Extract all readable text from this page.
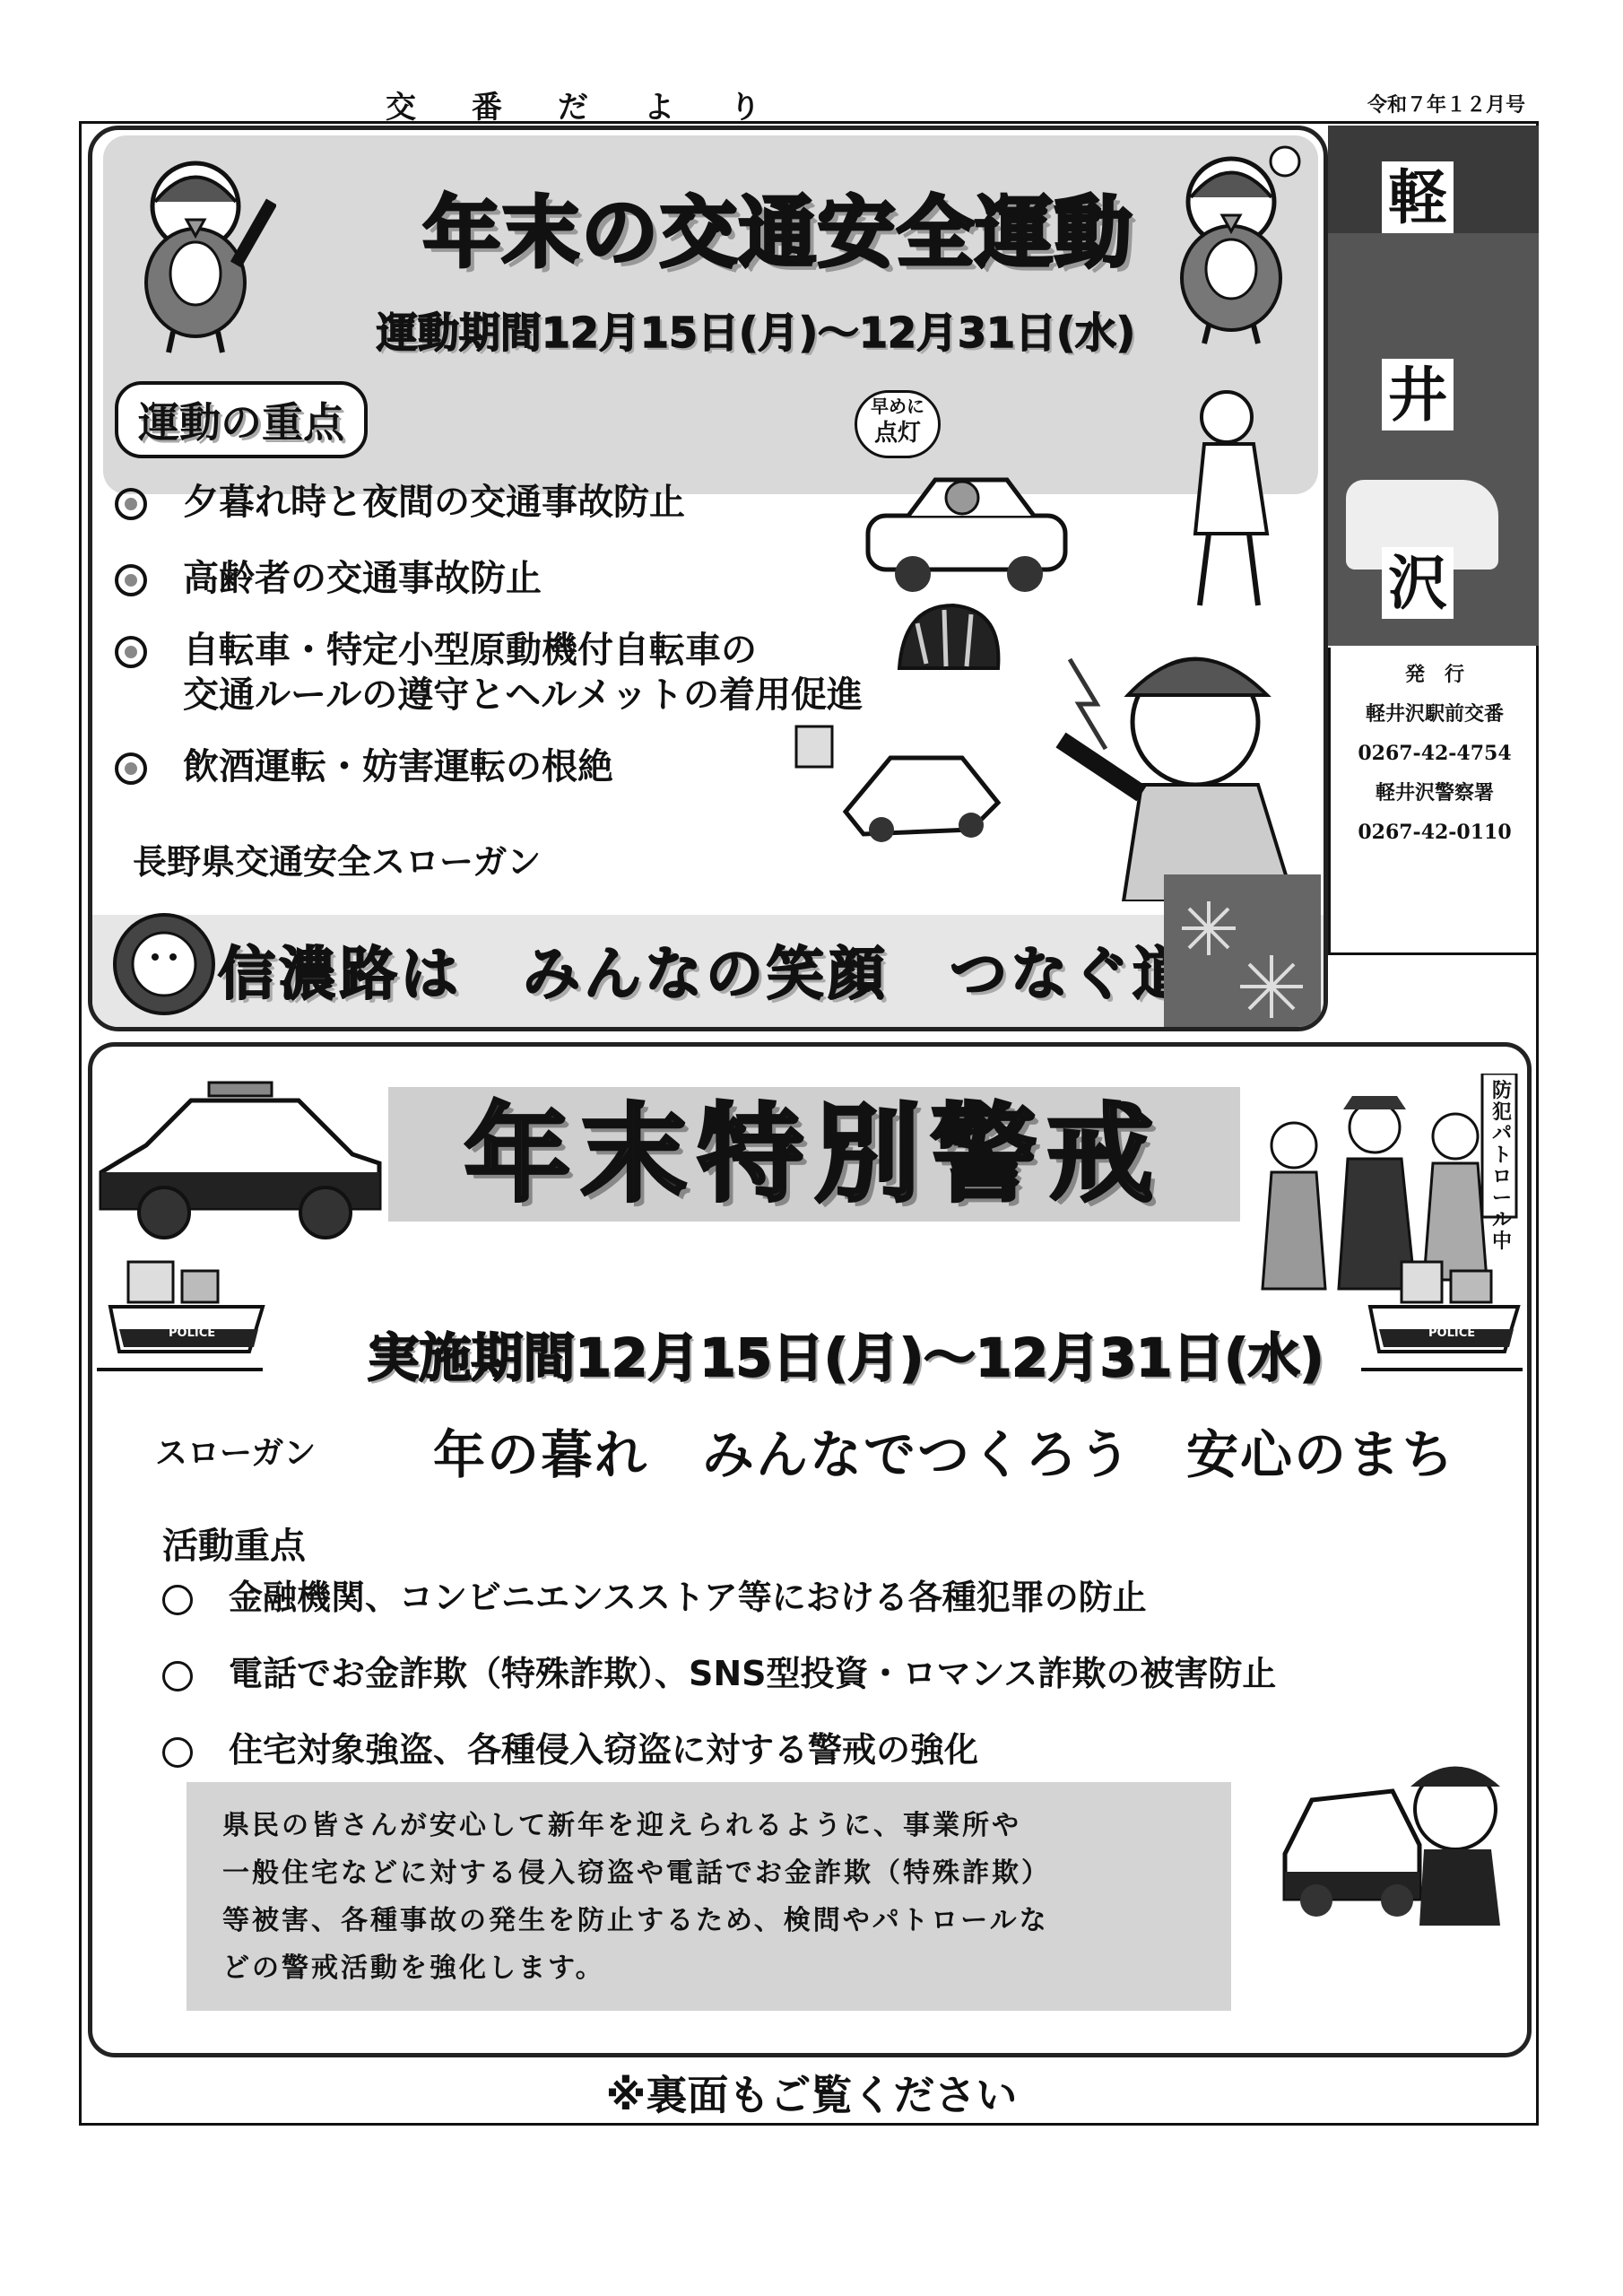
交番だより	令和７年１２月号
年末の交通安全運動
運動期間12月15日(月)～12月31日(水)
運動の重点
夕暮れ時と夜間の交通事故防止
高齢者の交通事故防止
自転車・特定小型原動機付自転車の
交通ルールの遵守とヘルメットの着用促進
飲酒運転・妨害運転の根絶
早めに
点灯
長野県交通安全スローガン
信濃路は　みんなの笑顔　つなぐ道
軽
井
沢
発　行
軽井沢駅前交番
0267-42-4754
軽井沢警察署
0267-42-0110
年末特別警戒
防犯パトロール中
POLICE	POLICE
実施期間12月15日(月)～12月31日(水)
スローガン 年の暮れ　みんなでつくろう　安心のまち
活動重点
金融機関、コンビニエンスストア等における各種犯罪の防止
電話でお金詐欺（特殊詐欺）、SNS型投資・ロマンス詐欺の被害防止
住宅対象強盗、各種侵入窃盗に対する警戒の強化

県民の皆さんが安心して新年を迎えられるように、事業所や

一般住宅などに対する侵入窃盗や電話でお金詐欺（特殊詐欺）

等被害、各種事故の発生を防止するため、検問やパトロールな

どの警戒活動を強化します。

※裏面もご覧ください
